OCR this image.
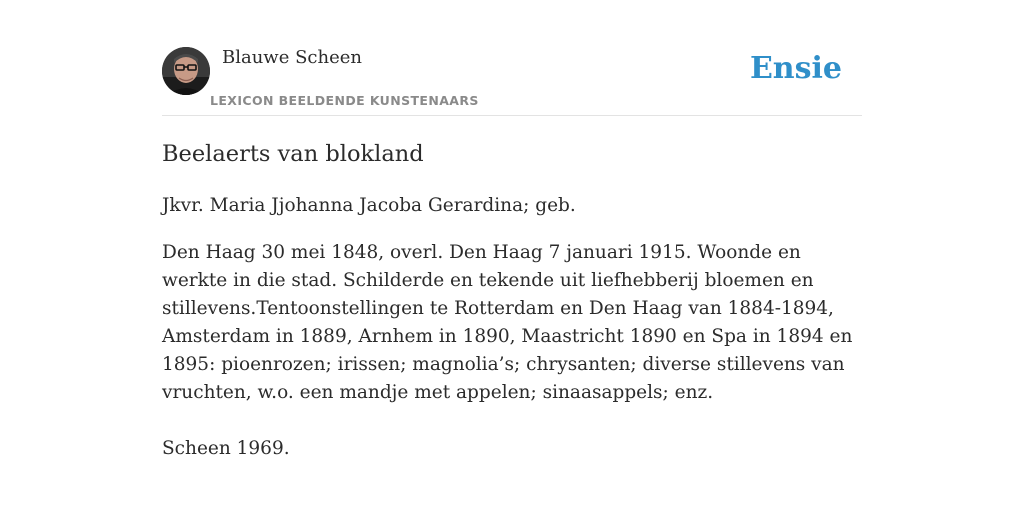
Blauwe Scheen
LEXICON BEELDENDE KUNSTENAARS
Ensie
Beelaerts van blokland

Jkvr. Maria Jjohanna Jacoba Gerardina; geb.

Den Haag 30 mei 1848, overl. Den Haag 7 januari 1915. Woonde en werkte in die stad. Schilderde en tekende uit liefhebberij bloemen en stillevens.Tentoonstellingen te Rotterdam en Den Haag van 1884-1894, Amsterdam in 1889, Arnhem in 1890, Maastricht 1890 en Spa in 1894 en 1895: pioenrozen; irissen; magnolia’s; chrysanten; diverse stillevens van vruchten, w.o. een mandje met appelen; sinaasappels; enz.

Scheen 1969.
